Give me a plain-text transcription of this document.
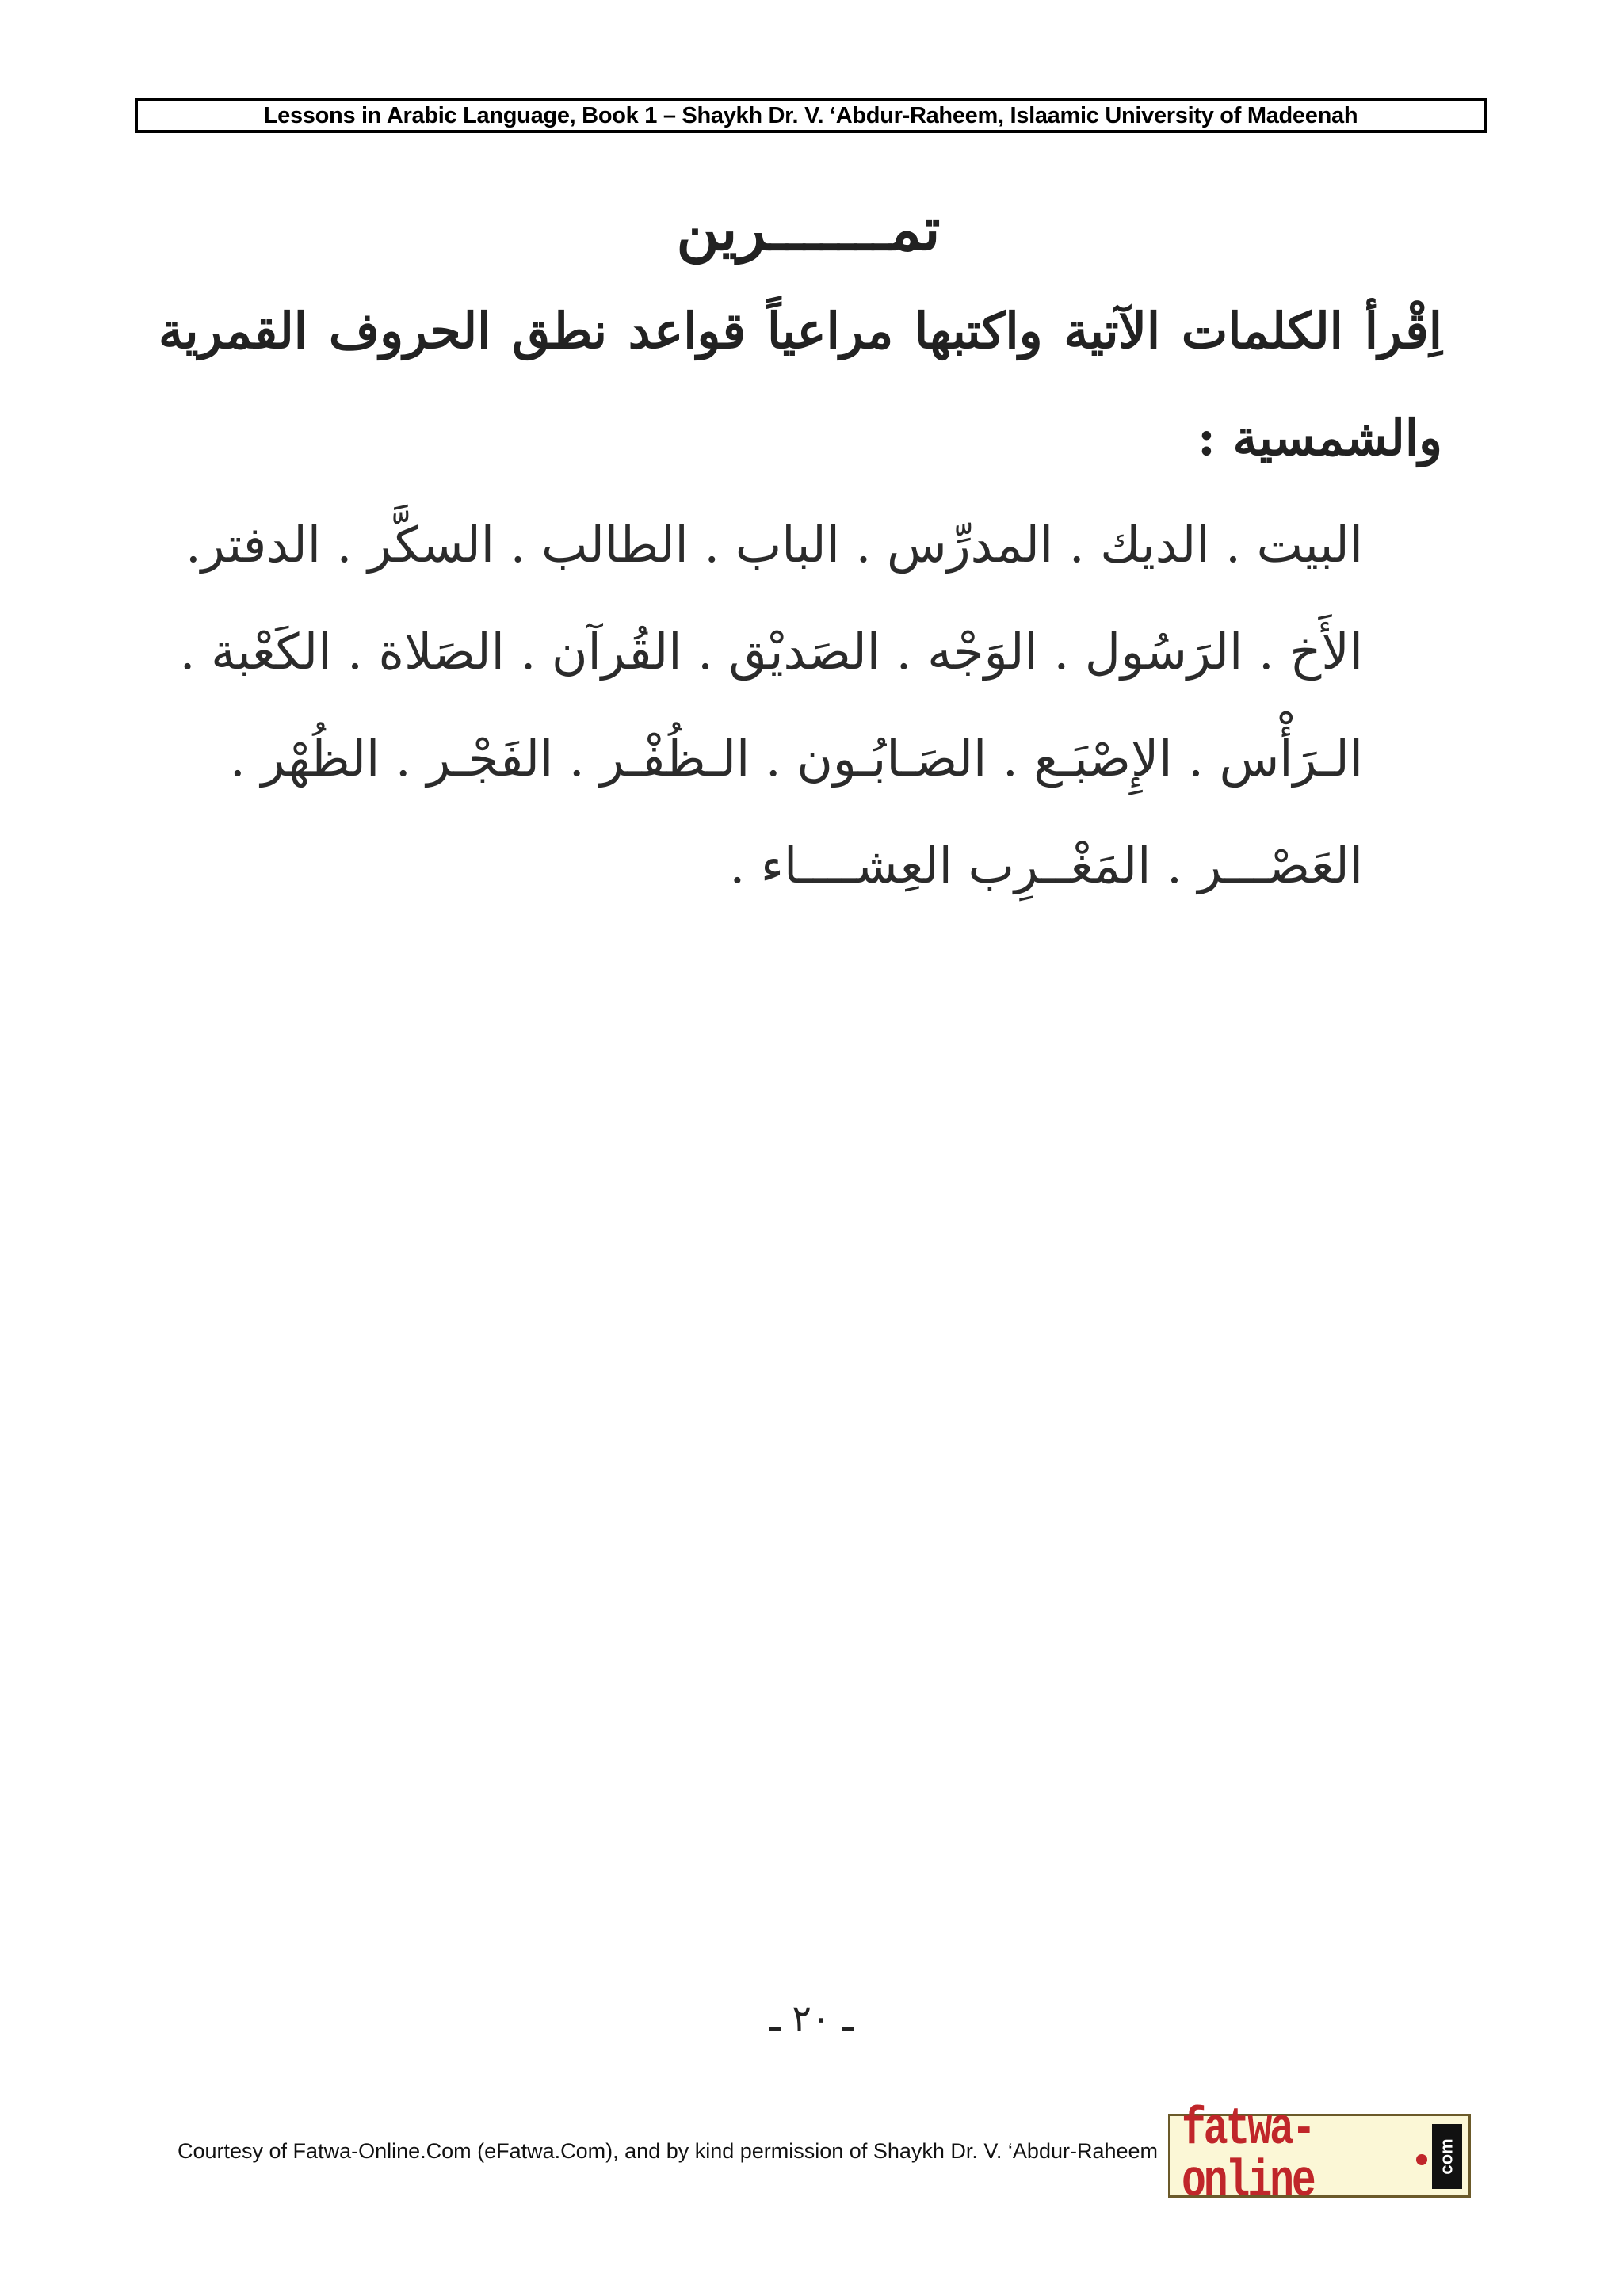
Lessons in Arabic Language, Book 1 – Shaykh Dr. V. ‘Abdur-Raheem, Islaamic University of Madeenah
تمـــــــرين

اِقْرأ الكلمات الآتية واكتبها مراعياً قواعد نطق الحروف القمرية والشمسية :

البيت . الديك . المدرِّس . الباب . الطالب . السكَّر . الدفتر.
الأَخ . الرَسُول . الوَجْه . الصَديْق . القُرآن . الصَلاة . الكَعْبة .
الـرَأْس . الإِصْبَـع . الصَـابُـون . الـظُفْـر . الفَجْـر . الظُهْر .
العَصْـــر . المَغْــرِب العِشــــاء .
ـ ٢٠ ـ
Courtesy of Fatwa-Online.Com (eFatwa.Com), and by kind permission of Shaykh Dr. V. ‘Abdur-Raheem fatwa-online	com
